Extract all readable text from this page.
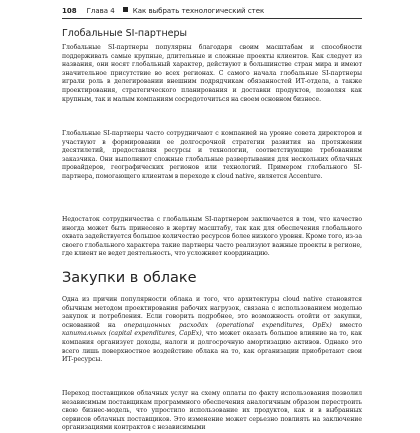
108 Глава 4	Как выбрать технологический стек
Глобальные SI-партнеры

Глобальные SI-партнеры популярны благодаря своим масштабам и способности поддерживать самые крупные, длительные и сложные проекты клиентов. Как следует из названия, они носят глобальный характер, действуют в большинстве стран мира и имеют значительное присутствие во всех регионах. С самого начала глобальные SI-партнеры играли роль в делегировании внешним подрядчикам обязанностей ИТ-отдела, а также проектирования, стратегического планирования и доставки продуктов, позволяя как крупным, так и малым компаниям сосредоточиться на своем основном бизнесе.

Глобальные SI-партнеры часто сотрудничают с компанией на уровне совета директоров и участвуют в формировании ее долгосрочной стратегии развития на протяжении десятилетий, предоставляя ресурсы и технологии, соответствующие требованиям заказчика. Они выполняют сложные глобальные развертывания для нескольких облачных провайдеров, географических регионов или технологий. Примером глобального SI-партнера, помогающего клиентам в переходе к cloud native, является Accenture.

Недостаток сотрудничества с глобальным SI-партнером заключается в том, что качество иногда может быть принесено в жертву масштабу, так как для обеспечения глобального охвата задействуется большое количество ресурсов более низкого уровня. Кроме того, из-за своего глобального характера такие партнеры часто реализуют важные проекты в регионе, где клиент не ведет деятельность, что усложняет координацию.

Закупки в облаке

Одна из причин популярности облака и того, что архитектуры cloud native становятся обычным методом проектирования рабочих нагрузок, связана с использованием моделью закупок и потребления. Если говорить подробнее, это возможность отойти от закупки, основанной на операционных расходах (operational expenditures, OpEx) вместо капитальных (capital expenditures, CapEx), что может оказать большое влияние на то, как компания организует доходы, налоги и долгосрочную амортизацию активов. Однако это всего лишь поверхностное воздействие облака на то, как организации приобретают свои ИТ-ресурсы.

Переход поставщиков облачных услуг на схему оплаты по факту использования позволил независимым поставщикам программного обеспечения аналогичным образом перестроить свою бизнес-модель, что упростило использование их продуктов, как и в выбранных сервисов облачных поставщиков. Это изменение может серьезно повлиять на заключение организациями контрактов с независимыми
